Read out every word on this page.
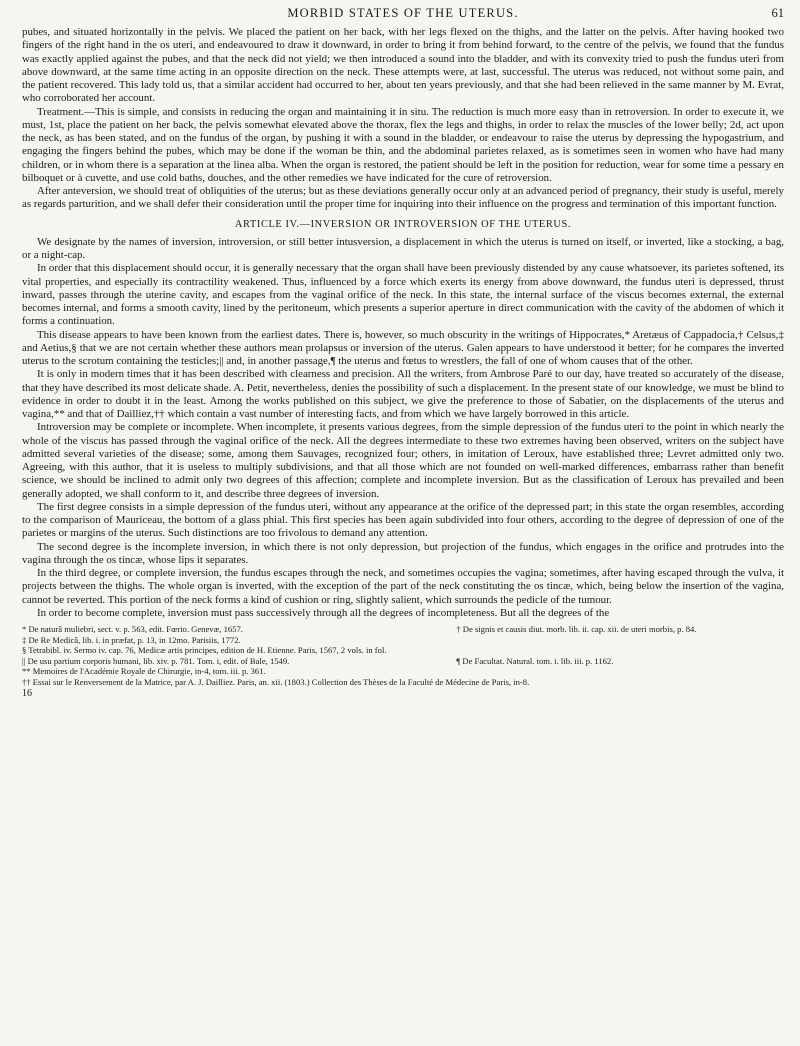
MORBID STATES OF THE UTERUS.	61

pubes, and situated horizontally in the pelvis. We placed the patient on her back, with her legs flexed on the thighs, and the latter on the pelvis. After having hooked two fingers of the right hand in the os uteri, and endeavoured to draw it downward, in order to bring it from behind forward, to the centre of the pelvis, we found that the fundus was exactly applied against the pubes, and that the neck did not yield; we then introduced a sound into the bladder, and with its convexity tried to push the fundus uteri from above downward, at the same time acting in an opposite direction on the neck. These attempts were, at last, successful. The uterus was reduced, not without some pain, and the patient recovered. This lady told us, that a similar accident had occurred to her, about ten years previously, and that she had been relieved in the same manner by M. Evrat, who corroborated her account.

Treatment.—This is simple, and consists in reducing the organ and maintaining it in situ. The reduction is much more easy than in retroversion. In order to execute it, we must, 1st, place the patient on her back, the pelvis somewhat elevated above the thorax, flex the legs and thighs, in order to relax the muscles of the lower belly; 2d, act upon the neck, as has been stated, and on the fundus of the organ, by pushing it with a sound in the bladder, or endeavour to raise the uterus by depressing the hypogastrium, and engaging the fingers behind the pubes, which may be done if the woman be thin, and the abdominal parietes relaxed, as is sometimes seen in women who have had many children, or in whom there is a separation at the linea alba. When the organ is restored, the patient should be left in the position for reduction, wear for some time a pessary en bilboquet or à cuvette, and use cold baths, douches, and the other remedies we have indicated for the cure of retroversion.

After anteversion, we should treat of obliquities of the uterus; but as these deviations generally occur only at an advanced period of pregnancy, their study is useful, merely as regards parturition, and we shall defer their consideration until the proper time for inquiring into their influence on the progress and termination of this important function.

ARTICLE IV.—INVERSION OR INTROVERSION OF THE UTERUS.

We designate by the names of inversion, introversion, or still better intusversion, a displacement in which the uterus is turned on itself, or inverted, like a stocking, a bag, or a night-cap.

In order that this displacement should occur, it is generally necessary that the organ shall have been previously distended by any cause whatsoever, its parietes softened, its vital properties, and especially its contractility weakened. Thus, influenced by a force which exerts its energy from above downward, the fundus uteri is depressed, thrust inward, passes through the uterine cavity, and escapes from the vaginal orifice of the neck. In this state, the internal surface of the viscus becomes external, the external becomes internal, and forms a smooth cavity, lined by the peritoneum, which presents a superior aperture in direct communication with the cavity of the abdomen of which it forms a continuation.

This disease appears to have been known from the earliest dates. There is, however, so much obscurity in the writings of Hippocrates,* Aretæus of Cappadocia,† Celsus,‡ and Aetius,§ that we are not certain whether these authors mean prolapsus or inversion of the uterus. Galen appears to have understood it better; for he compares the inverted uterus to the scrotum containing the testicles;|| and, in another passage,¶ the uterus and fœtus to wrestlers, the fall of one of whom causes that of the other.

It is only in modern times that it has been described with clearness and precision. All the writers, from Ambrose Paré to our day, have treated so accurately of the disease, that they have described its most delicate shade. A. Petit, nevertheless, denies the possibility of such a displacement. In the present state of our knowledge, we must be blind to evidence in order to doubt it in the least. Among the works published on this subject, we give the preference to those of Sabatier, on the displacements of the uterus and vagina,** and that of Dailliez,†† which contain a vast number of interesting facts, and from which we have largely borrowed in this article.

Introversion may be complete or incomplete. When incomplete, it presents various degrees, from the simple depression of the fundus uteri to the point in which nearly the whole of the viscus has passed through the vaginal orifice of the neck. All the degrees intermediate to these two extremes having been observed, writers on the subject have admitted several varieties of the disease; some, among them Sauvages, recognized four; others, in imitation of Leroux, have established three; Levret admitted only two. Agreeing, with this author, that it is useless to multiply subdivisions, and that all those which are not founded on well-marked differences, embarrass rather than benefit science, we should be inclined to admit only two degrees of this affection; complete and incomplete inversion. But as the classification of Leroux has prevailed and been generally adopted, we shall conform to it, and describe three degrees of inversion.

The first degree consists in a simple depression of the fundus uteri, without any appearance at the orifice of the depressed part; in this state the organ resembles, according to the comparison of Mauriceau, the bottom of a glass phial. This first species has been again subdivided into four others, according to the degree of depression of one of the parietes or margins of the uterus. Such distinctions are too frivolous to demand any attention.

The second degree is the incomplete inversion, in which there is not only depression, but projection of the fundus, which engages in the orifice and protrudes into the vagina through the os tincæ, whose lips it separates.

In the third degree, or complete inversion, the fundus escapes through the neck, and sometimes occupies the vagina; sometimes, after having escaped through the vulva, it projects between the thighs. The whole organ is inverted, with the exception of the part of the neck constituting the os tincæ, which, being below the insertion of the vagina, cannot be reverted. This portion of the neck forms a kind of cushion or ring, slightly salient, which surrounds the pedicle of the tumour.

In order to become complete, inversion must pass successively through all the degrees of incompleteness. But all the degrees of the

* De naturâ muliebri, sect. v. p. 563, edit. Fœrio. Genevæ, 1657.	† De signis et causis diut. morb. lib. ii. cap. xii. de uteri morbis, p. 84.
‡ De Re Medicâ, lib. i. in præfat, p. 13, in 12mo. Parisiis, 1772.
§ Tetrabibl. iv. Sermo iv. cap. 76, Medicæ artis principes, edition de H. Etienne. Paris, 1567, 2 vols. in fol.
|| De usu partium corporis humani, lib. xiv. p. 781. Tom. i, edit. of Bale, 1549.	¶ De Facultat. Natural. tom. i. lib. iii. p. 1162.
** Memoires de l'Académie Royale de Chirurgie, in-4, tom. iii. p. 361.
†† Essai sur le Renversement de la Matrice, par A. J. Dailliez. Paris, an. xii. (1803.) Collection des Thèses de la Faculté de Médecine de Paris, in-8.
16
